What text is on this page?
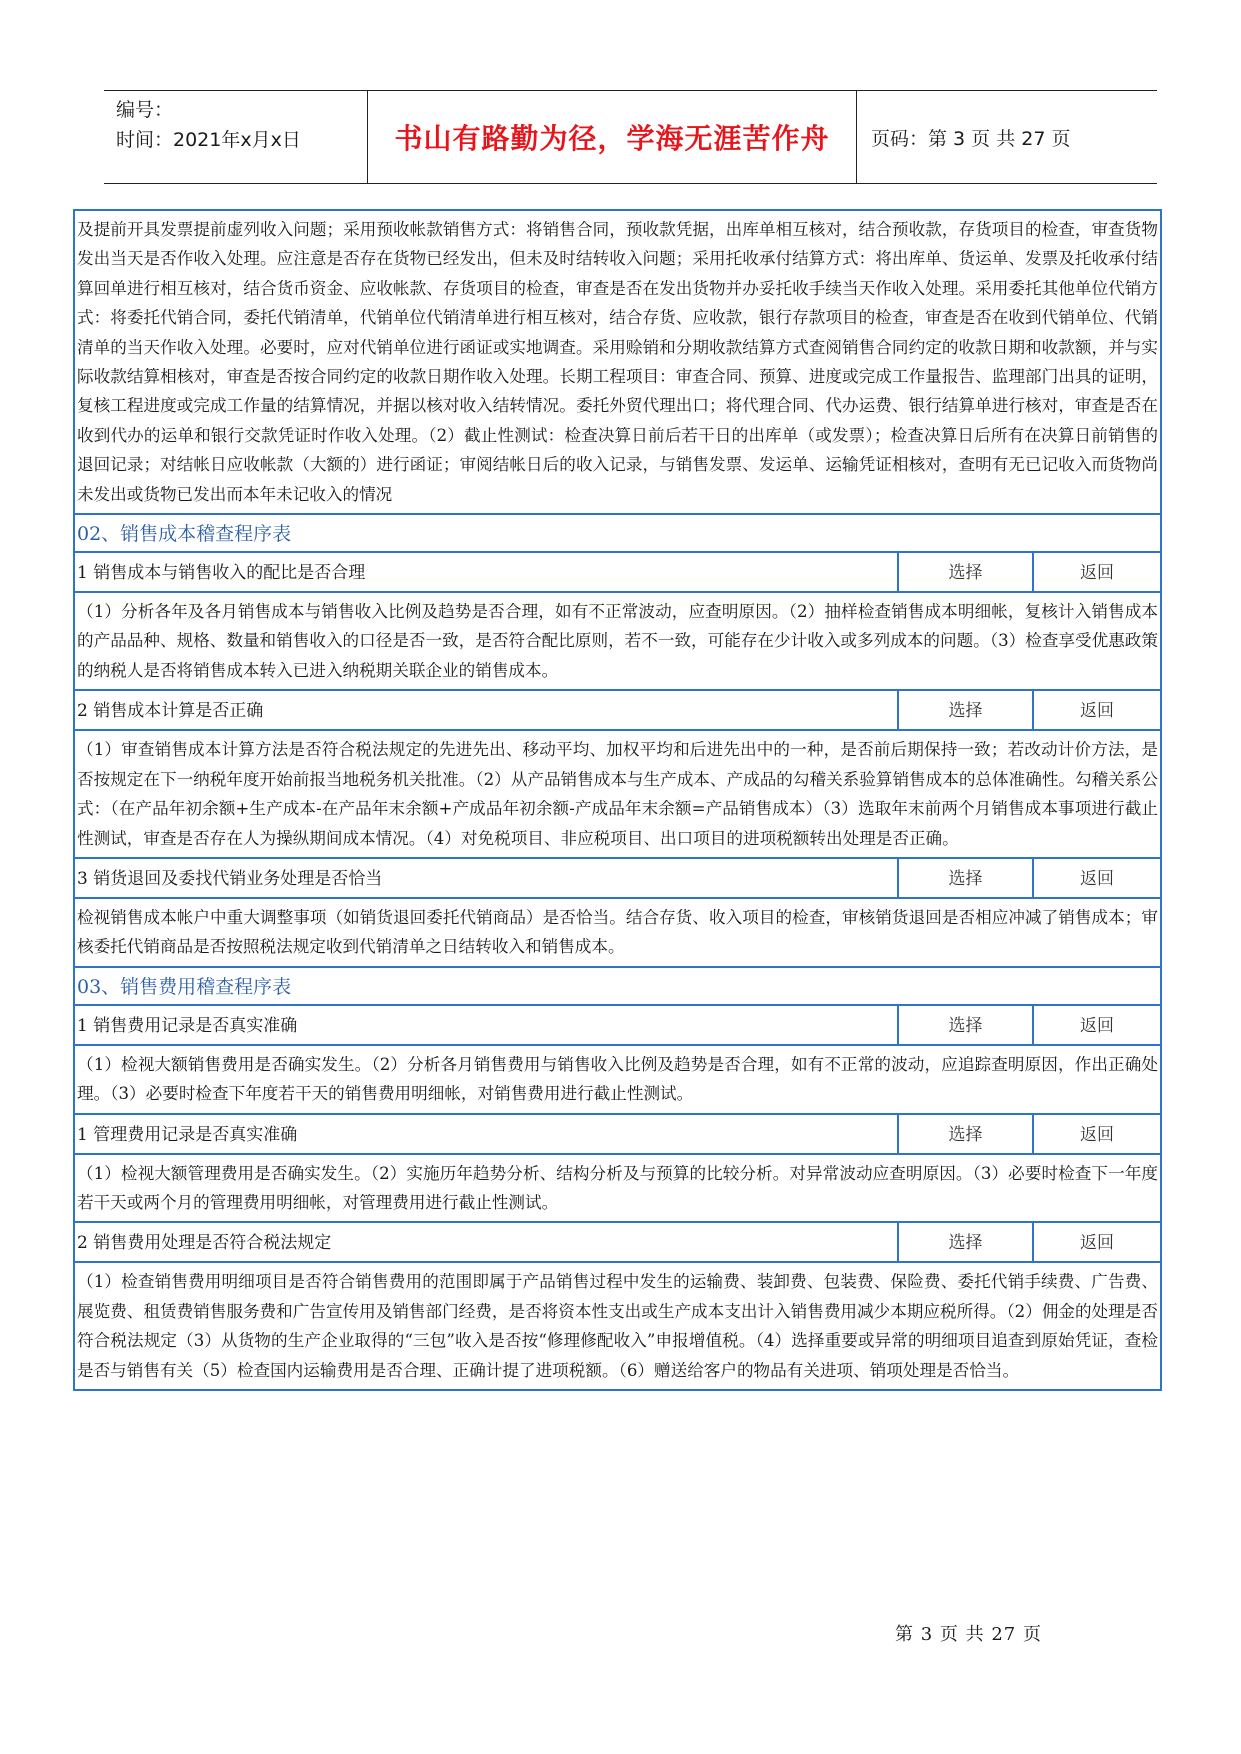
编号：
时间：2021年x月x日	书山有路勤为径，学海无涯苦作舟	页码：第 3 页 共 27 页
及提前开具发票提前虚列收入问题；采用预收帐款销售方式：将销售合同，预收款凭据，出库单相互核对，结合预收款，存货项目的检查，审查货物发出当天是否作收入处理。应注意是否存在货物已经发出，但未及时结转收入问题；采用托收承付结算方式：将出库单、货运单、发票及托收承付结算回单进行相互核对，结合货币资金、应收帐款、存货项目的检查，审查是否在发出货物并办妥托收手续当天作收入处理。采用委托其他单位代销方式：将委托代销合同，委托代销清单，代销单位代销清单进行相互核对，结合存货、应收款，银行存款项目的检查，审查是否在收到代销单位、代销清单的当天作收入处理。必要时，应对代销单位进行函证或实地调查。采用赊销和分期收款结算方式查阅销售合同约定的收款日期和收款额，并与实际收款结算相核对，审查是否按合同约定的收款日期作收入处理。长期工程项目：审查合同、预算、进度或完成工作量报告、监理部门出具的证明，复核工程进度或完成工作量的结算情况，并据以核对收入结转情况。委托外贸代理出口；将代理合同、代办运费、银行结算单进行核对，审查是否在收到代办的运单和银行交款凭证时作收入处理。（2）截止性测试：检查决算日前后若干日的出库单（或发票）；检查决算日后所有在决算日前销售的退回记录；对结帐日应收帐款（大额的）进行函证；审阅结帐日后的收入记录，与销售发票、发运单、运输凭证相核对，查明有无已记收入而货物尚未发出或货物已发出而本年未记收入的情况
02、销售成本稽查程序表
1 销售成本与销售收入的配比是否合理	选择	返回
（1）分析各年及各月销售成本与销售收入比例及趋势是否合理，如有不正常波动，应查明原因。（2）抽样检查销售成本明细帐，复核计入销售成本的产品品种、规格、数量和销售收入的口径是否一致，是否符合配比原则，若不一致，可能存在少计收入或多列成本的问题。（3）检查享受优惠政策的纳税人是否将销售成本转入已进入纳税期关联企业的销售成本。
2 销售成本计算是否正确	选择	返回
（1）审查销售成本计算方法是否符合税法规定的先进先出、移动平均、加权平均和后进先出中的一种，是否前后期保持一致；若改动计价方法，是否按规定在下一纳税年度开始前报当地税务机关批准。（2）从产品销售成本与生产成本、产成品的勾稽关系验算销售成本的总体准确性。勾稽关系公式：（在产品年初余额+生产成本-在产品年末余额+产成品年初余额-产成品年末余额=产品销售成本）（3）选取年末前两个月销售成本事项进行截止性测试，审查是否存在人为操纵期间成本情况。（4）对免税项目、非应税项目、出口项目的进项税额转出处理是否正确。
3 销货退回及委找代销业务处理是否恰当	选择	返回
检视销售成本帐户中重大调整事项（如销货退回委托代销商品）是否恰当。结合存货、收入项目的检查，审核销货退回是否相应冲减了销售成本；审核委托代销商品是否按照税法规定收到代销清单之日结转收入和销售成本。
03、销售费用稽查程序表
1 销售费用记录是否真实准确	选择	返回
（1）检视大额销售费用是否确实发生。（2）分析各月销售费用与销售收入比例及趋势是否合理，如有不正常的波动，应追踪查明原因，作出正确处理。（3）必要时检查下年度若干天的销售费用明细帐，对销售费用进行截止性测试。
1 管理费用记录是否真实准确	选择	返回
（1）检视大额管理费用是否确实发生。（2）实施历年趋势分析、结构分析及与预算的比较分析。对异常波动应查明原因。（3）必要时检查下一年度若干天或两个月的管理费用明细帐，对管理费用进行截止性测试。
2 销售费用处理是否符合税法规定	选择	返回
（1）检查销售费用明细项目是否符合销售费用的范围即属于产品销售过程中发生的运输费、装卸费、包装费、保险费、委托代销手续费、广告费、展览费、租赁费销售服务费和广告宣传用及销售部门经费，是否将资本性支出或生产成本支出计入销售费用减少本期应税所得。（2）佣金的处理是否符合税法规定（3）从货物的生产企业取得的“三包”收入是否按“修理修配收入”申报增值税。（4）选择重要或异常的明细项目追查到原始凭证，查检是否与销售有关（5）检查国内运输费用是否合理、正确计提了进项税额。（6）赠送给客户的物品有关进项、销项处理是否恰当。
第 3 页 共 27 页
